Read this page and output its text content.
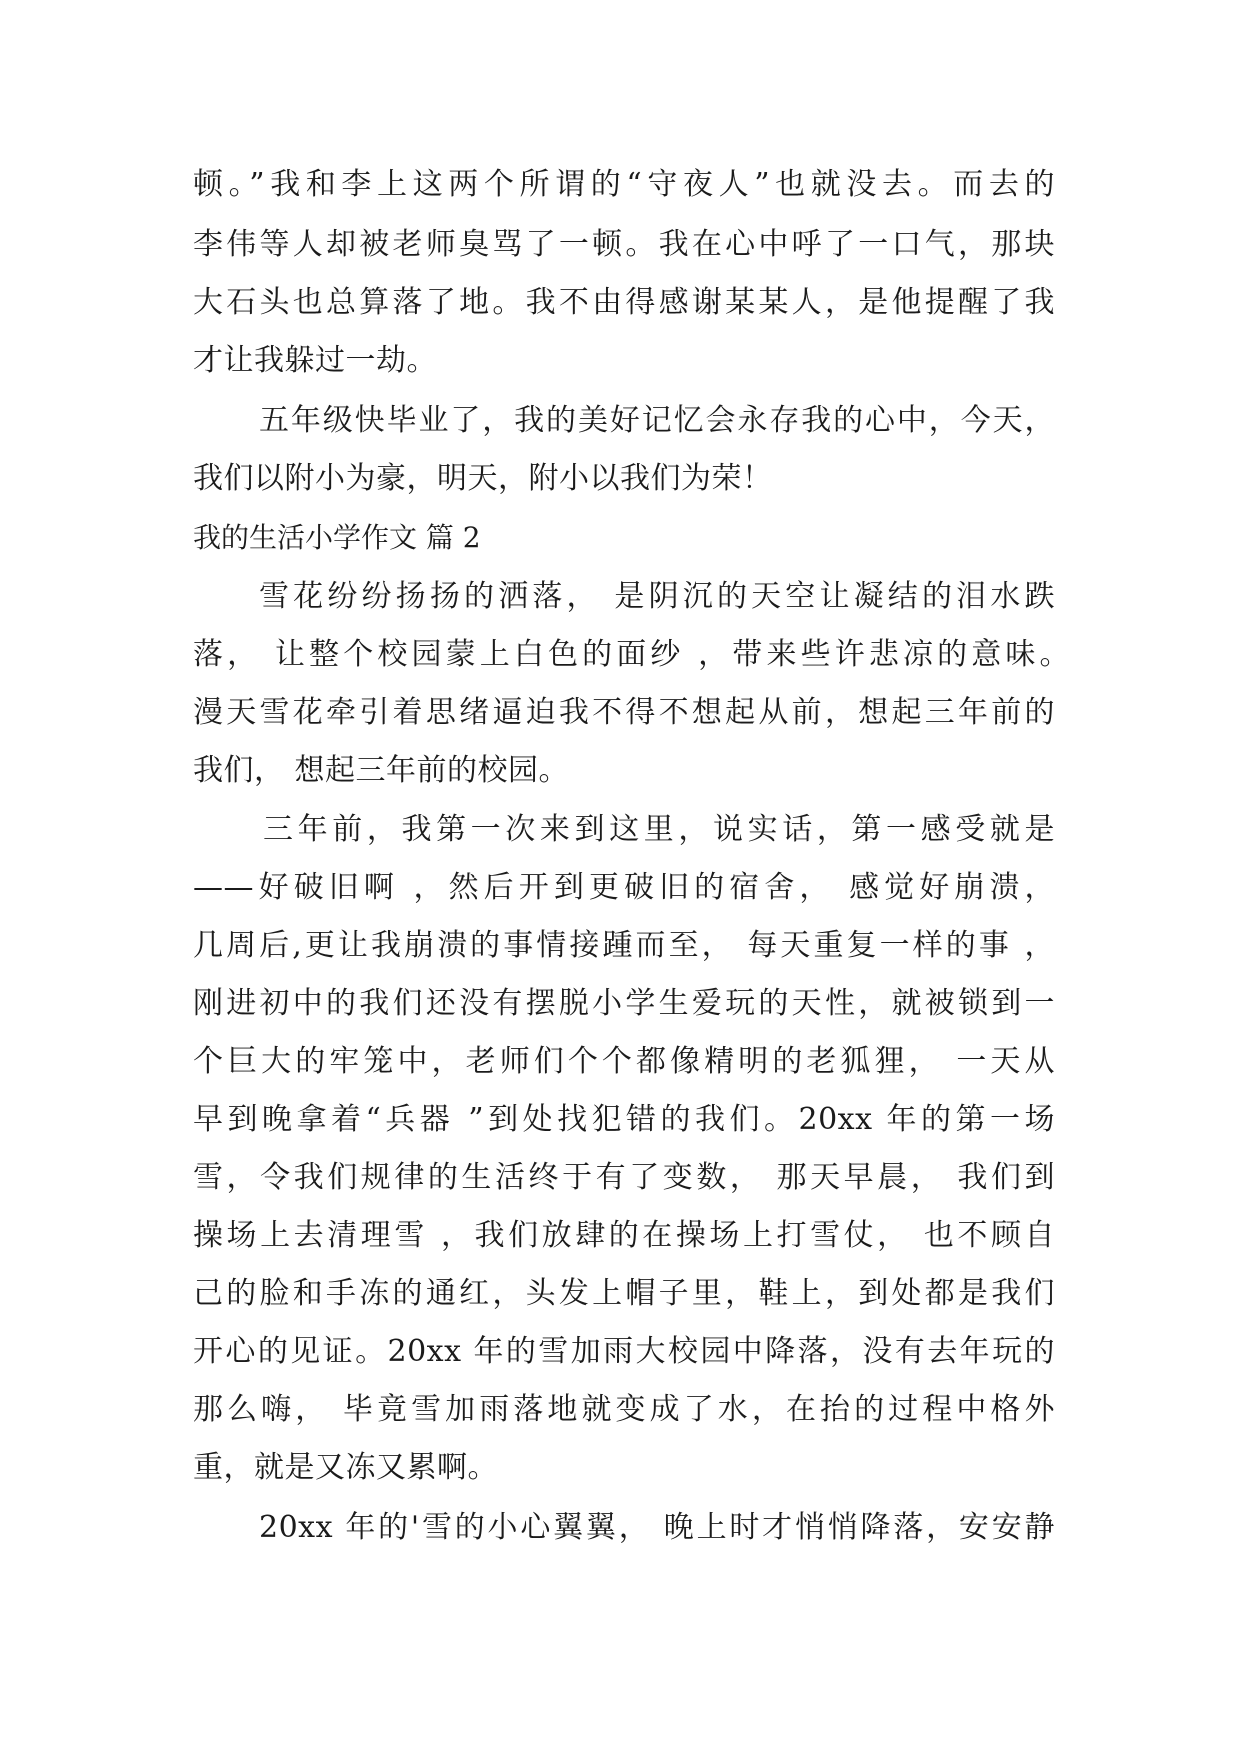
顿。”我和李上这两个所谓的“守夜人”也就没去。而去的
李伟等人却被老师臭骂了一顿。我在心中呼了一口气，那块
大石头也总算落了地。我不由得感谢某某人，是他提醒了我
才让我躲过一劫。
五年级快毕业了，我的美好记忆会永存我的心中，今天，
我们以附小为豪，明天，附小以我们为荣！
我的生活小学作文 篇 2
雪花纷纷扬扬的洒落， 是阴沉的天空让凝结的泪水跌
落， 让整个校园蒙上白色的面纱 ，带来些许悲凉的意味。
漫天雪花牵引着思绪逼迫我不得不想起从前，想起三年前的
我们， 想起三年前的校园。
三年前，我第一次来到这里，说实话，第一感受就是
——好破旧啊 ，然后开到更破旧的宿舍， 感觉好崩溃，
几周后,更让我崩溃的事情接踵而至， 每天重复一样的事 ，
刚进初中的我们还没有摆脱小学生爱玩的天性，就被锁到一
个巨大的牢笼中，老师们个个都像精明的老狐狸， 一天从
早到晚拿着“兵器 ”到处找犯错的我们。20xx 年的第一场
雪，令我们规律的生活终于有了变数， 那天早晨， 我们到
操场上去清理雪 ，我们放肆的在操场上打雪仗， 也不顾自
己的脸和手冻的通红，头发上帽子里，鞋上，到处都是我们
开心的见证。20xx 年的雪加雨大校园中降落，没有去年玩的
那么嗨， 毕竟雪加雨落地就变成了水，在抬的过程中格外
重，就是又冻又累啊。
20xx 年的'雪的小心翼翼， 晚上时才悄悄降落，安安静
